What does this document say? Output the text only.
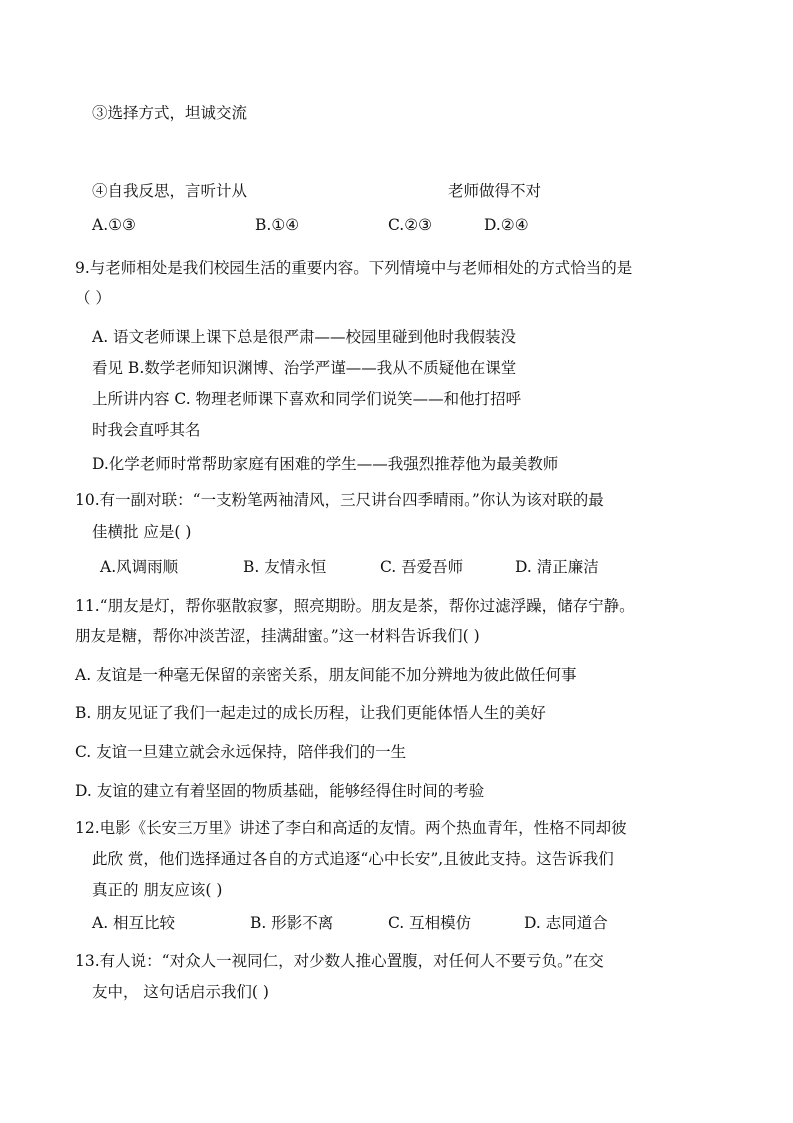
③选择方式，坦诚交流
④自我反思，言听计从	老师做得不对
A.①③	B.①④	C.②③	D.②④
9.与老师相处是我们校园生活的重要内容。下列情境中与老师相处的方式恰当的是
（ ）
A. 语文老师课上课下总是很严肃——校园里碰到他时我假装没
看见 B.数学老师知识渊博、治学严谨——我从不质疑他在课堂
上所讲内容 C. 物理老师课下喜欢和同学们说笑——和他打招呼
时我会直呼其名
D.化学老师时常帮助家庭有困难的学生——我强烈推荐他为最美教师
10.有一副对联：“一支粉笔两袖清风，三尺讲台四季晴雨。”你认为该对联的最
佳横批 应是( )
A.风调雨顺	B. 友情永恒	C. 吾爱吾师	D. 清正廉洁
11.“朋友是灯，帮你驱散寂寥，照亮期盼。朋友是茶，帮你过滤浮躁，储存宁静。
朋友是糖，帮你冲淡苦涩，挂满甜蜜。”这一材料告诉我们( )
A. 友谊是一种毫无保留的亲密关系，朋友间能不加分辨地为彼此做任何事
B. 朋友见证了我们一起走过的成长历程，让我们更能体悟人生的美好
C. 友谊一旦建立就会永远保持，陪伴我们的一生
D. 友谊的建立有着坚固的物质基础，能够经得住时间的考验
12.电影《长安三万里》讲述了李白和高适的友情。两个热血青年，性格不同却彼
此欣 赏，他们选择通过各自的方式追逐“心中长安”,且彼此支持。这告诉我们
真正的 朋友应该( )
A. 相互比较	B. 形影不离	C. 互相模仿	D. 志同道合
13.有人说：“对众人一视同仁，对少数人推心置腹，对任何人不要亏负。”在交
友中， 这句话启示我们( )
